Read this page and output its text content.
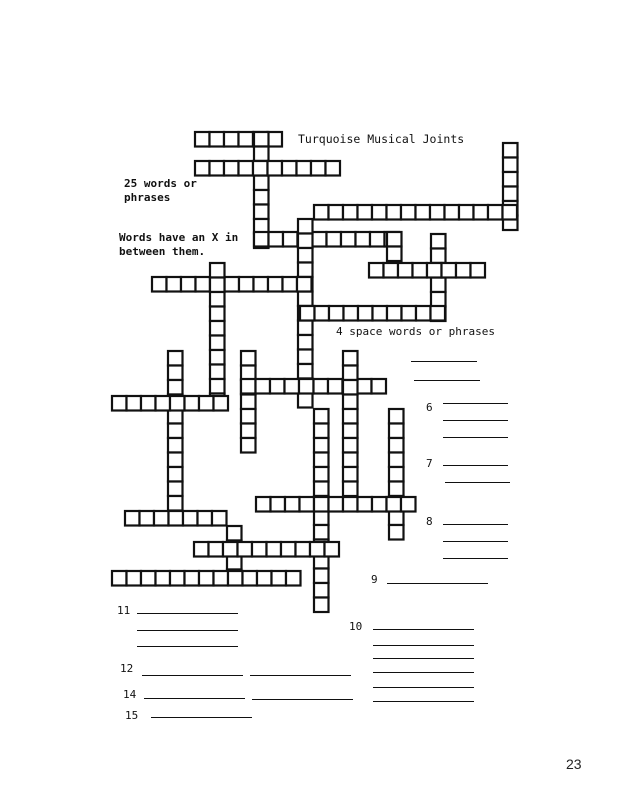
Turquoise Musical Joints
25 words or
phrases
Words have an X in
between them.
4 space words or phrases
6
7
8
9
10
11
12
14
15
23
